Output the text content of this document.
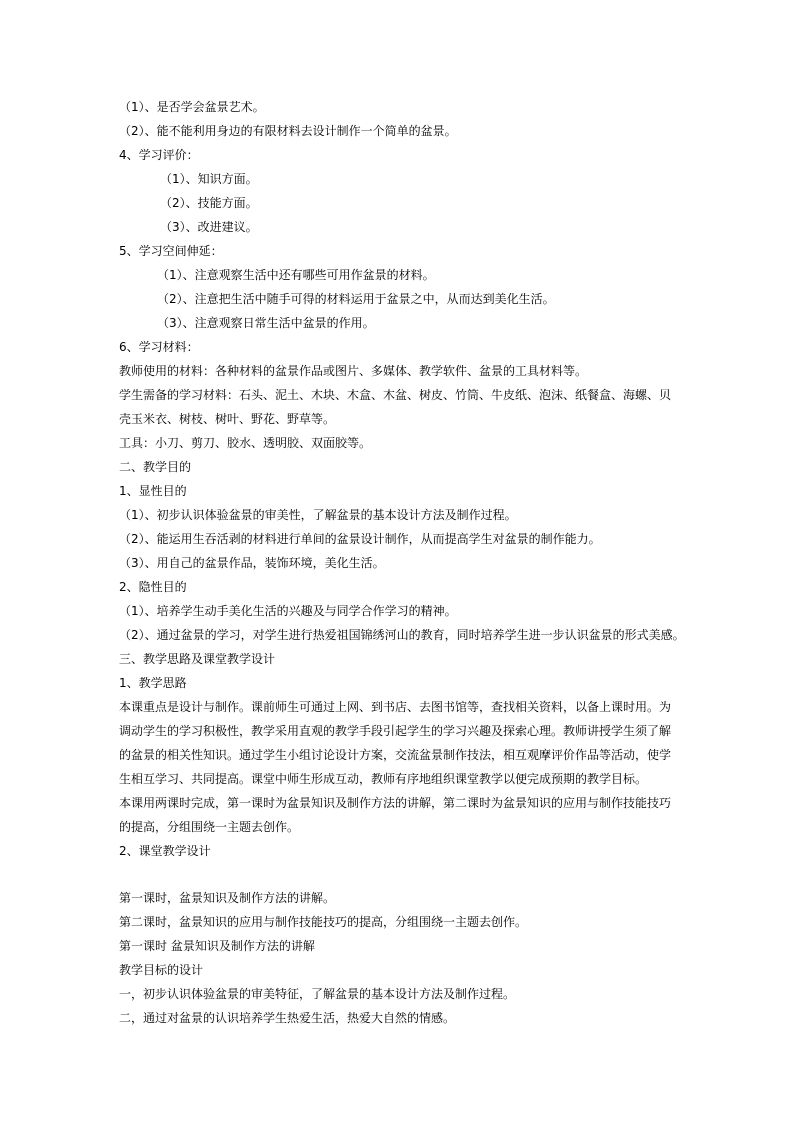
（1）、是否学会盆景艺术。
（2）、能不能利用身边的有限材料去设计制作一个简单的盆景。
4、学习评价：
（1）、知识方面。
（2）、技能方面。
（3）、改进建议。
5、学习空间伸延：
（1）、注意观察生活中还有哪些可用作盆景的材料。
（2）、注意把生活中随手可得的材料运用于盆景之中，从而达到美化生活。
（3）、注意观察日常生活中盆景的作用。
6、学习材料：
教师使用的材料：各种材料的盆景作品或图片、多媒体、教学软件、盆景的工具材料等。
学生需备的学习材料：石头、泥土、木块、木盒、木盆、树皮、竹筒、牛皮纸、泡沫、纸餐盒、海螺、贝
壳玉米衣、树枝、树叶、野花、野草等。
工具：小刀、剪刀、胶水、透明胶、双面胶等。
二、教学目的
1、显性目的
（1）、初步认识体验盆景的审美性，了解盆景的基本设计方法及制作过程。
（2）、能运用生吞活剥的材料进行单间的盆景设计制作，从而提高学生对盆景的制作能力。
（3）、用自己的盆景作品，装饰环境，美化生活。
2、隐性目的
（1）、培养学生动手美化生活的兴趣及与同学合作学习的精神。
（2）、通过盆景的学习，对学生进行热爱祖国锦绣河山的教育，同时培养学生进一步认识盆景的形式美感。
三、教学思路及课堂教学设计
1、教学思路
本课重点是设计与制作。课前师生可通过上网、到书店、去图书馆等，查找相关资料，以备上课时用。为
调动学生的学习积极性，教学采用直观的教学手段引起学生的学习兴趣及探索心理。教师讲授学生须了解
的盆景的相关性知识。通过学生小组讨论设计方案，交流盆景制作技法，相互观摩评价作品等活动，使学
生相互学习、共同提高。课堂中师生形成互动，教师有序地组织课堂教学以便完成预期的教学目标。
本课用两课时完成，第一课时为盆景知识及制作方法的讲解，第二课时为盆景知识的应用与制作技能技巧
的提高，分组围绕一主题去创作。
2、课堂教学设计
第一课时，盆景知识及制作方法的讲解。
第二课时，盆景知识的应用与制作技能技巧的提高，分组围绕一主题去创作。
第一课时 盆景知识及制作方法的讲解
教学目标的设计
一，初步认识体验盆景的审美特征，了解盆景的基本设计方法及制作过程。
二，通过对盆景的认识培养学生热爱生活，热爱大自然的情感。
